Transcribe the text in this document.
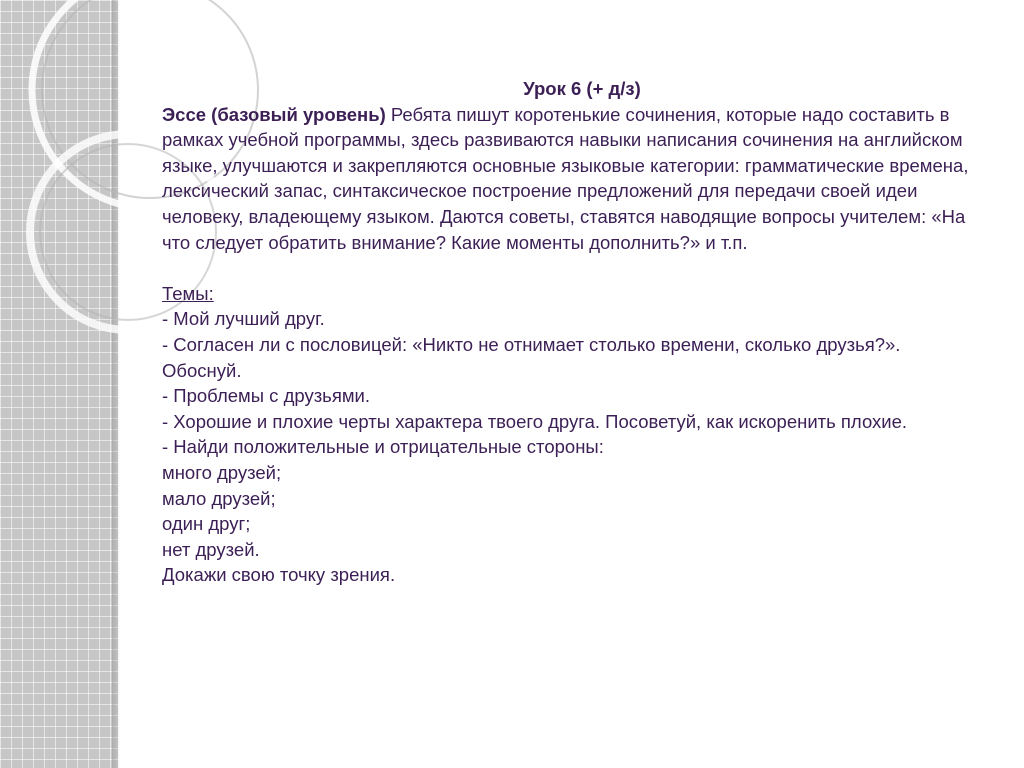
Урок 6 (+ д/з)

Эссе (базовый уровень) Ребята пишут коротенькие сочинения, которые надо составить в рамках учебной программы, здесь развиваются навыки написания сочинения на английском языке, улучшаются и закрепляются основные языковые категории: грамматические времена, лексический запас, синтаксическое построение предложений для передачи своей идеи человеку, владеющему языком. Даются советы, ставятся наводящие вопросы учителем: «На что следует обратить внимание? Какие моменты дополнить?» и т.п.

Темы:

- Мой лучший друг.

- Согласен ли с пословицей: «Никто не отнимает столько времени, сколько друзья?». Обоснуй.

- Проблемы с друзьями.

- Хорошие и плохие черты характера твоего друга. Посоветуй, как искоренить плохие.

- Найди положительные и отрицательные стороны:

много друзей;

мало друзей;

один друг;

нет друзей.

Докажи свою точку зрения.
